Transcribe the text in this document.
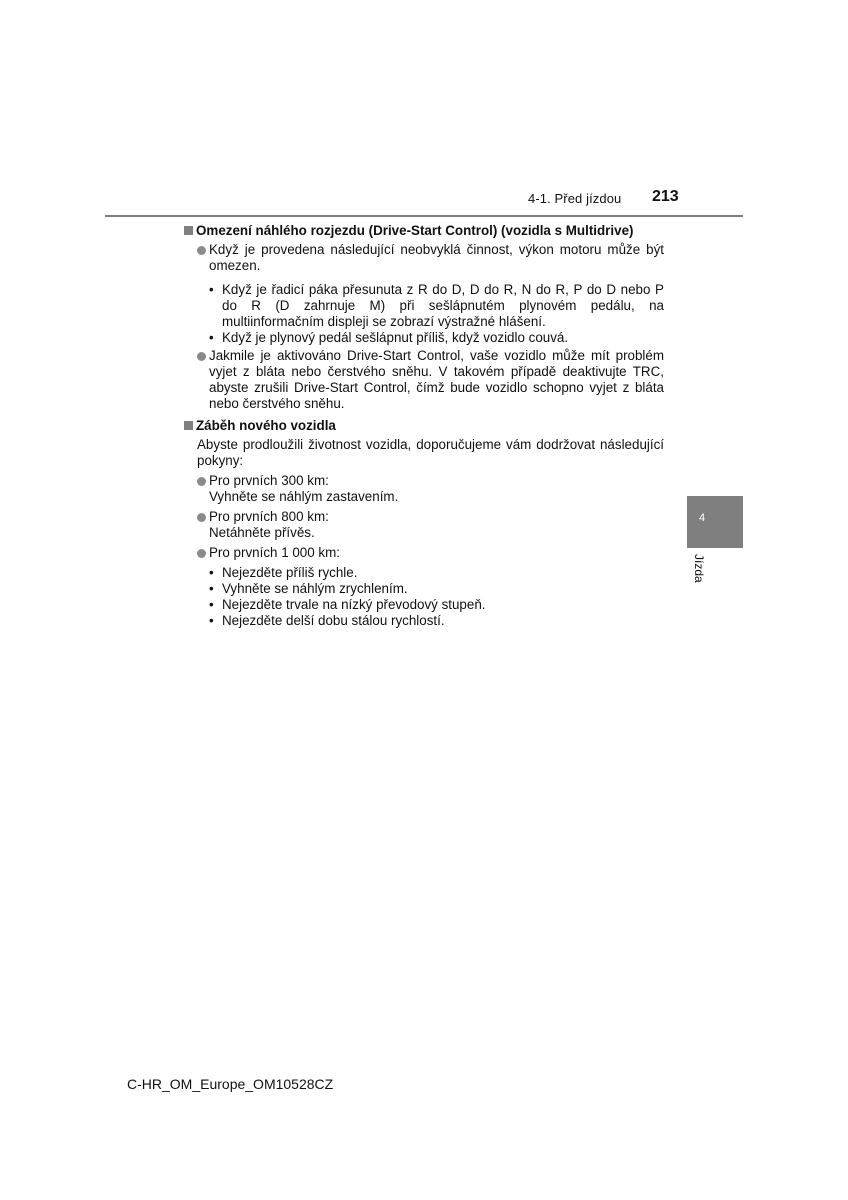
4-1. Před jízdou 213
Omezení náhlého rozjezdu (Drive-Start Control) (vozidla s Multidrive)
Když je provedena následující neobvyklá činnost, výkon motoru může být omezen.
• Když je řadicí páka přesunuta z R do D, D do R, N do R, P do D nebo P do R (D zahrnuje M) při sešlápnutém plynovém pedálu, na multiinformačním displeji se zobrazí výstražné hlášení.
• Když je plynový pedál sešlápnut příliš, když vozidlo couvá.
Jakmile je aktivováno Drive-Start Control, vaše vozidlo může mít problém vyjet z bláta nebo čerstvého sněhu. V takovém případě deaktivujte TRC, abyste zrušili Drive-Start Control, čímž bude vozidlo schopno vyjet z bláta nebo čerstvého sněhu.
Záběh nového vozidla
Abyste prodloužili životnost vozidla, doporučujeme vám dodržovat následující pokyny:
Pro prvních 300 km:
Vyhněte se náhlým zastavením.
Pro prvních 800 km:
Netáhněte přívěs.
Pro prvních 1 000 km:
• Nejezděte příliš rychle.
• Vyhněte se náhlým zrychlením.
• Nejezděte trvale na nízký převodový stupeň.
• Nejezděte delší dobu stálou rychlostí.
4
Jízda
C-HR_OM_Europe_OM10528CZ
